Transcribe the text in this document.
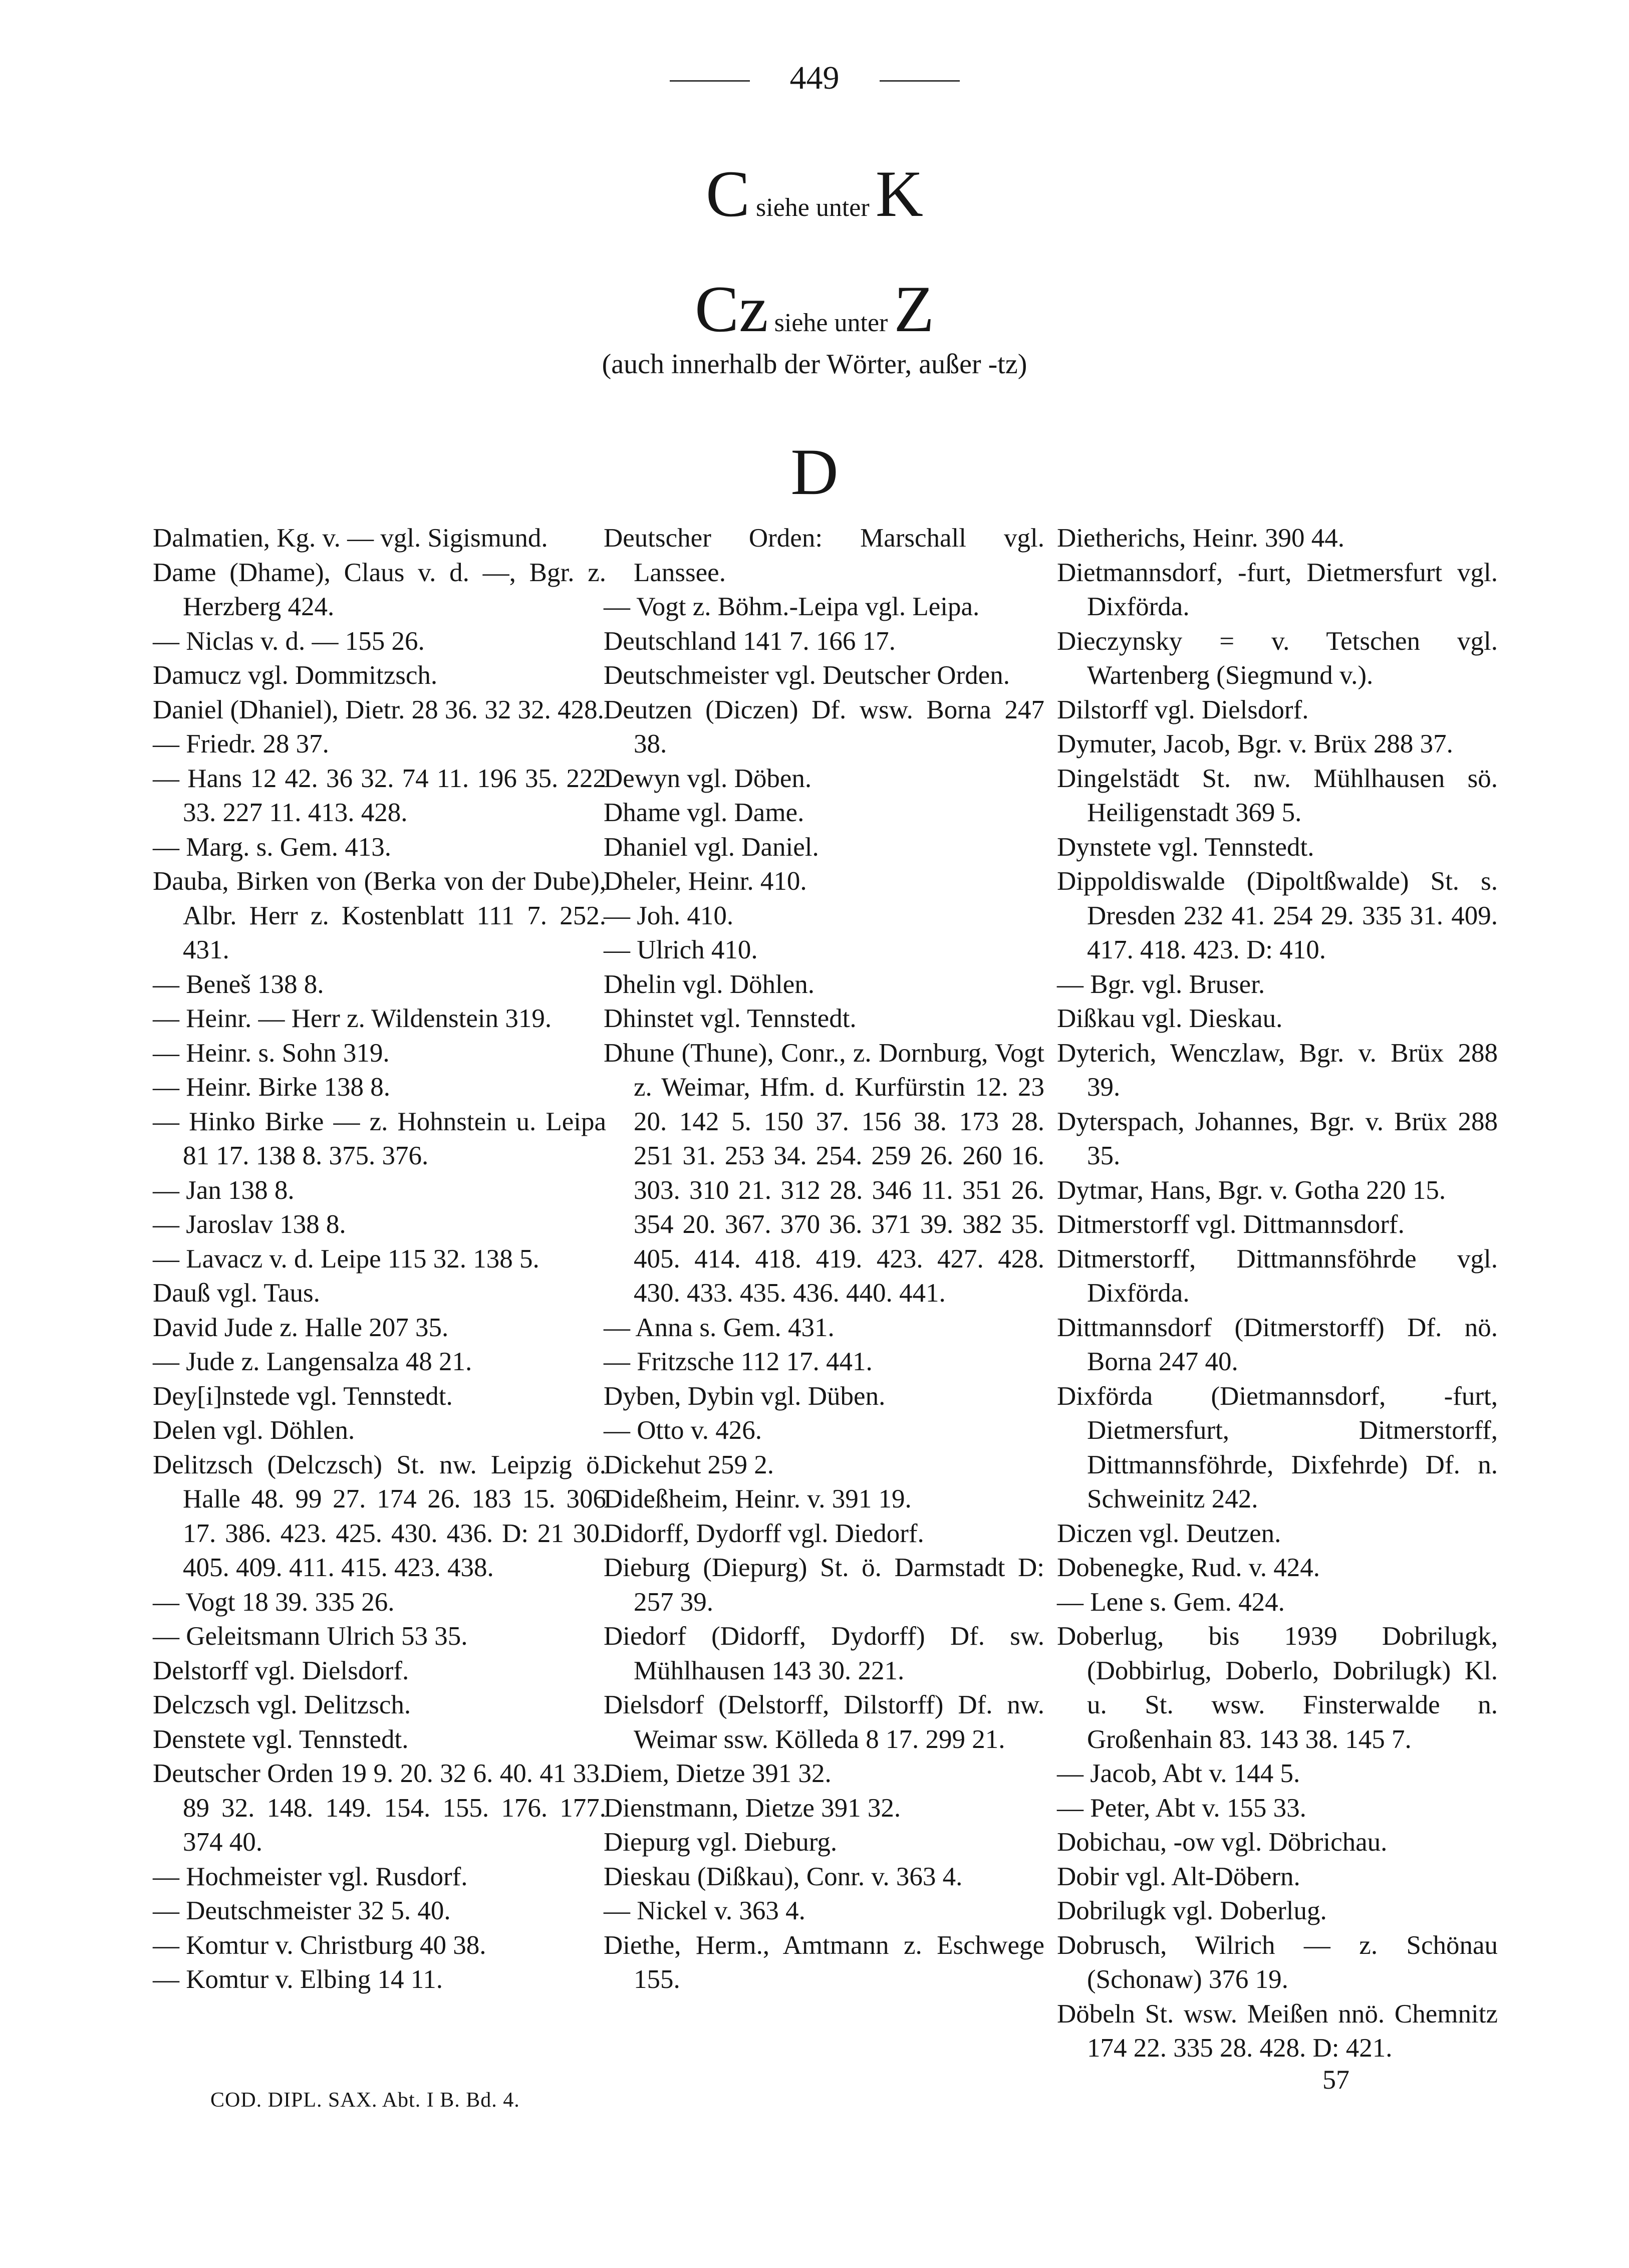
449
C siehe unter K
Cz siehe unter Z
(auch innerhalb der Wörter, außer -tz)
D
Dalmatien, Kg. v. — vgl. Sigismund.
Dame (Dhame), Claus v. d. —, Bgr. z. Herzberg 424.
— Niclas v. d. — 155 26.
Damucz vgl. Dommitzsch.
Daniel (Dhaniel), Dietr. 28 36. 32 32. 428.
— Friedr. 28 37.
— Hans 12 42. 36 32. 74 11. 196 35. 222 33. 227 11. 413. 428.
— Marg. s. Gem. 413.
Dauba, Birken von (Berka von der Dube), Albr. Herr z. Kostenblatt 111 7. 252. 431.
— Beneš 138 8.
— Heinr. — Herr z. Wildenstein 319.
— Heinr. s. Sohn 319.
— Heinr. Birke 138 8.
— Hinko Birke — z. Hohnstein u. Leipa 81 17. 138 8. 375. 376.
— Jan 138 8.
— Jaroslav 138 8.
— Lavacz v. d. Leipe 115 32. 138 5.
Dauß vgl. Taus.
David Jude z. Halle 207 35.
— Jude z. Langensalza 48 21.
Dey[i]nstede vgl. Tennstedt.
Delen vgl. Döhlen.
Delitzsch (Delczsch) St. nw. Leipzig ö. Halle 48. 99 27. 174 26. 183 15. 306 17. 386. 423. 425. 430. 436. D: 21 30. 405. 409. 411. 415. 423. 438.
— Vogt 18 39. 335 26.
— Geleitsmann Ulrich 53 35.
Delstorff vgl. Dielsdorf.
Delczsch vgl. Delitzsch.
Denstete vgl. Tennstedt.
Deutscher Orden 19 9. 20. 32 6. 40. 41 33. 89 32. 148. 149. 154. 155. 176. 177. 374 40.
— Hochmeister vgl. Rusdorf.
— Deutschmeister 32 5. 40.
— Komtur v. Christburg 40 38.
— Komtur v. Elbing 14 11.
Deutscher Orden: Marschall vgl. Lanssee.
— Vogt z. Böhm.-Leipa vgl. Leipa.
Deutschland 141 7. 166 17.
Deutschmeister vgl. Deutscher Orden.
Deutzen (Diczen) Df. wsw. Borna 247 38.
Dewyn vgl. Döben.
Dhame vgl. Dame.
Dhaniel vgl. Daniel.
Dheler, Heinr. 410.
— Joh. 410.
— Ulrich 410.
Dhelin vgl. Döhlen.
Dhinstet vgl. Tennstedt.
Dhune (Thune), Conr., z. Dornburg, Vogt z. Weimar, Hfm. d. Kurfürstin 12. 23 20. 142 5. 150 37. 156 38. 173 28. 251 31. 253 34. 254. 259 26. 260 16. 303. 310 21. 312 28. 346 11. 351 26. 354 20. 367. 370 36. 371 39. 382 35. 405. 414. 418. 419. 423. 427. 428. 430. 433. 435. 436. 440. 441.
— Anna s. Gem. 431.
— Fritzsche 112 17. 441.
Dyben, Dybin vgl. Düben.
— Otto v. 426.
Dickehut 259 2.
Dideßheim, Heinr. v. 391 19.
Didorff, Dydorff vgl. Diedorf.
Dieburg (Diepurg) St. ö. Darmstadt D: 257 39.
Diedorf (Didorff, Dydorff) Df. sw. Mühlhausen 143 30. 221.
Dielsdorf (Delstorff, Dilstorff) Df. nw. Weimar ssw. Kölleda 8 17. 299 21.
Diem, Dietze 391 32.
Dienstmann, Dietze 391 32.
Diepurg vgl. Dieburg.
Dieskau (Dißkau), Conr. v. 363 4.
— Nickel v. 363 4.
Diethe, Herm., Amtmann z. Eschwege 155.
Dietherichs, Heinr. 390 44.
Dietmannsdorf, -furt, Dietmersfurt vgl. Dixförda.
Dieczynsky = v. Tetschen vgl. Wartenberg (Siegmund v.).
Dilstorff vgl. Dielsdorf.
Dymuter, Jacob, Bgr. v. Brüx 288 37.
Dingelstädt St. nw. Mühlhausen sö. Heiligenstadt 369 5.
Dynstete vgl. Tennstedt.
Dippoldiswalde (Dipoltßwalde) St. s. Dresden 232 41. 254 29. 335 31. 409. 417. 418. 423. D: 410.
— Bgr. vgl. Bruser.
Dißkau vgl. Dieskau.
Dyterich, Wenczlaw, Bgr. v. Brüx 288 39.
Dyterspach, Johannes, Bgr. v. Brüx 288 35.
Dytmar, Hans, Bgr. v. Gotha 220 15.
Ditmerstorff vgl. Dittmannsdorf.
Ditmerstorff, Dittmannsföhrde vgl. Dixförda.
Dittmannsdorf (Ditmerstorff) Df. nö. Borna 247 40.
Dixförda (Dietmannsdorf, -furt, Dietmersfurt, Ditmerstorff, Dittmannsföhrde, Dixfehrde) Df. n. Schweinitz 242.
Diczen vgl. Deutzen.
Dobenegke, Rud. v. 424.
— Lene s. Gem. 424.
Doberlug, bis 1939 Dobrilugk, (Dobbirlug, Doberlo, Dobrilugk) Kl. u. St. wsw. Finsterwalde n. Großenhain 83. 143 38. 145 7.
— Jacob, Abt v. 144 5.
— Peter, Abt v. 155 33.
Dobichau, -ow vgl. Döbrichau.
Dobir vgl. Alt-Döbern.
Dobrilugk vgl. Doberlug.
Dobrusch, Wilrich — z. Schönau (Schonaw) 376 19.
Döbeln St. wsw. Meißen nnö. Chemnitz 174 22. 335 28. 428. D: 421.
COD. DIPL. SAX. Abt. I B. Bd. 4.
57
